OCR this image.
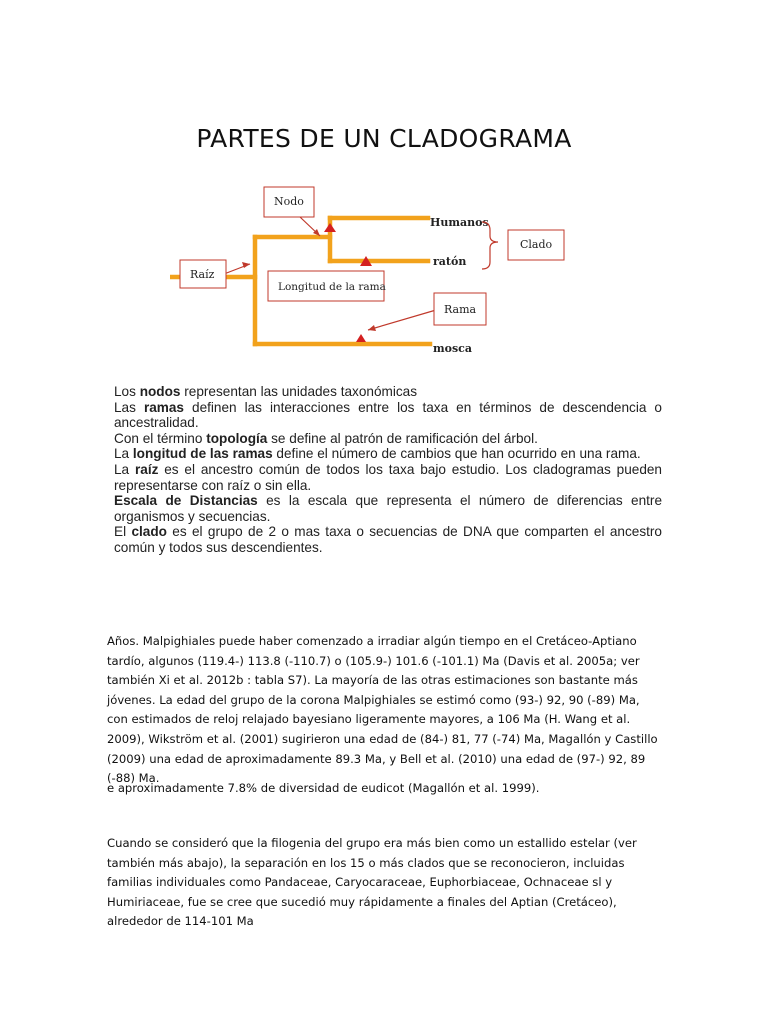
PARTES DE UN CLADOGRAMA
Nodo
Raíz
Longitud de la rama
Rama
Clado
Humanos
ratón
mosca

Los nodos representan las unidades taxonómicas

Las ramas definen las interacciones entre los taxa en términos de descendencia o ancestralidad.

Con el término topología se define al patrón de ramificación del árbol.

La longitud de las ramas define el número de cambios que han ocurrido en una rama.

La raíz es el ancestro común de todos los taxa bajo estudio. Los cladogramas pueden representarse con raíz o sin ella.

Escala de Distancias es la escala que representa el número de diferencias entre organismos y secuencias.

El clado es el grupo de 2 o mas taxa o secuencias de DNA que comparten el ancestro común y todos sus descendientes.

Años. Malpighiales puede haber comenzado a irradiar algún tiempo en el Cretáceo-Aptiano tardío, algunos (119.4-) 113.8 (-110.7) o (105.9-) 101.6 (-101.1) Ma (Davis et al. 2005a; ver también Xi et al. 2012b : tabla S7). La mayoría de las otras estimaciones son bastante más jóvenes. La edad del grupo de la corona Malpighiales se estimó como (93-) 92, 90 (-89) Ma, con estimados de reloj relajado bayesiano ligeramente mayores, a 106 Ma (H. Wang et al. 2009), Wikström et al. (2001) sugirieron una edad de (84-) 81, 77 (-74) Ma, Magallón y Castillo (2009) una edad de aproximadamente 89.3 Ma, y Bell et al. (2010) una edad de (97-) 92, 89 (-88) Ma.

e aproximadamente 7.8% de diversidad de eudicot (Magallón et al. 1999).

Cuando se consideró que la filogenia del grupo era más bien como un estallido estelar (ver también más abajo), la separación en los 15 o más clados que se reconocieron, incluidas familias individuales como Pandaceae, Caryocaraceae, Euphorbiaceae, Ochnaceae sl y Humiriaceae, fue se cree que sucedió muy rápidamente a finales del Aptian (Cretáceo), alrededor de 114-101 Ma
